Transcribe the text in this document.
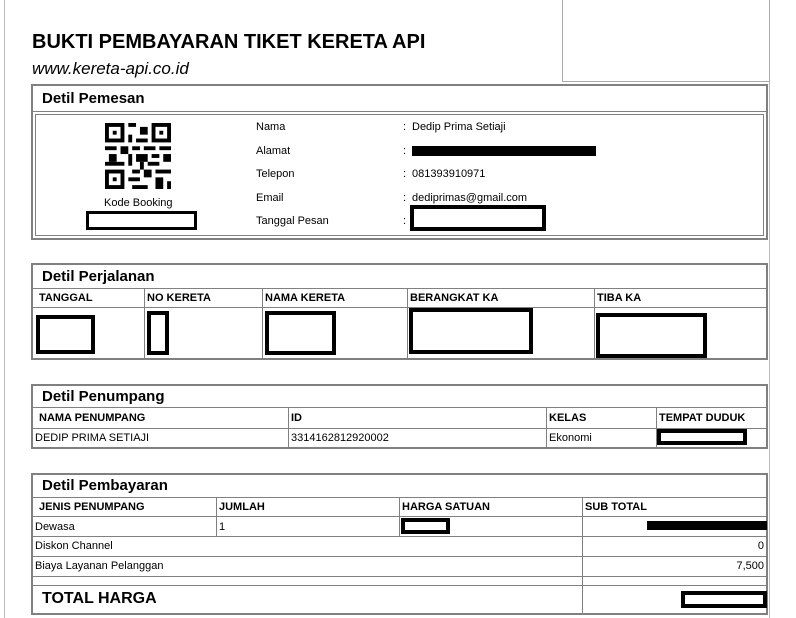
BUKTI PEMBAYARAN TIKET KERETA API
www.kereta-api.co.id
Detil Pemesan
Kode Booking
Nama	: Dedip Prima Setiaji
Alamat	:
Telepon	: 081393910971
Email	: dediprimas@gmail.com
Tanggal Pesan	:
Detil Perjalanan
TANGGAL	NO KERETA	NAMA KERETA	BERANGKAT KA	TIBA KA
Detil Penumpang
NAMA PENUMPANG	ID	KELAS	TEMPAT DUDUK
DEDIP PRIMA SETIAJI	3314162812920002	Ekonomi
Detil Pembayaran
JENIS PENUMPANG	JUMLAH	HARGA SATUAN	SUB TOTAL
Dewasa	1
Diskon Channel	0
Biaya Layanan Pelanggan	7,500
TOTAL HARGA
